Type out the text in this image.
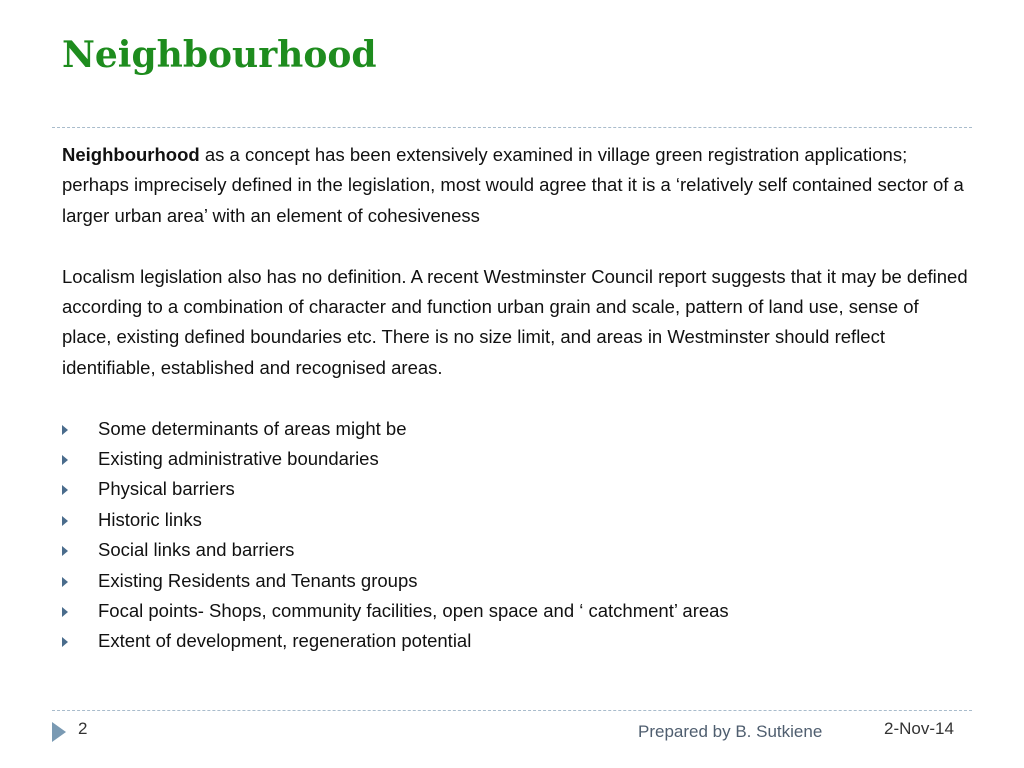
Neighbourhood

Neighbourhood as a concept has been extensively examined in village green registration applications; perhaps imprecisely defined in the legislation, most would agree that it is a ‘relatively self contained sector of a larger urban area’ with an element of cohesiveness

Localism legislation also has no definition. A recent Westminster Council report suggests that it may be defined according to a combination of character and function urban grain and scale, pattern of land use, sense of place, existing defined boundaries etc. There is no size limit, and areas in Westminster should reflect identifiable, established and recognised areas.

Some determinants of areas might be
Existing administrative boundaries
Physical barriers
Historic links
Social links and barriers
Existing Residents and Tenants groups
Focal points- Shops, community facilities, open space and ‘ catchment’ areas
Extent of development, regeneration potential
2	Prepared by B. Sutkiene	2-Nov-14
